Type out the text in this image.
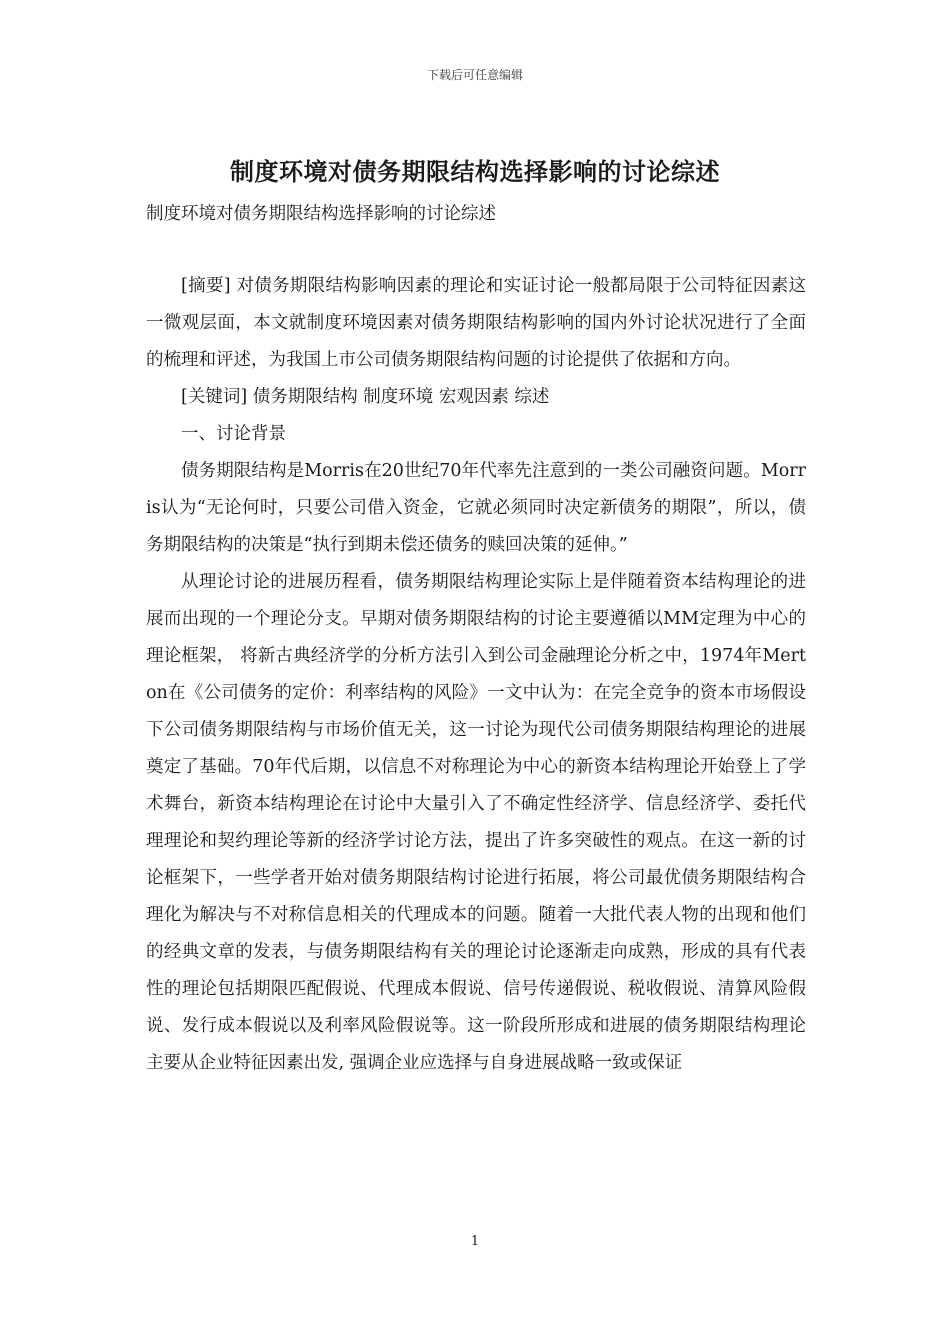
下载后可任意编辑
制度环境对债务期限结构选择影响的讨论综述

制度环境对债务期限结构选择影响的讨论综述

[摘要] 对债务期限结构影响因素的理论和实证讨论一般都局限于公司特征因素这一微观层面，本文就制度环境因素对债务期限结构影响的国内外讨论状况进行了全面的梳理和评述，为我国上市公司债务期限结构问题的讨论提供了依据和方向。

[关键词] 债务期限结构 制度环境 宏观因素 综述

一、讨论背景

债务期限结构是Morris在20世纪70年代率先注意到的一类公司融资问题。Morris认为“无论何时，只要公司借入资金，它就必须同时决定新债务的期限”，所以，债务期限结构的决策是“执行到期未偿还债务的赎回决策的延伸。”

从理论讨论的进展历程看，债务期限结构理论实际上是伴随着资本结构理论的进展而出现的一个理论分支。早期对债务期限结构的讨论主要遵循以MM定理为中心的理论框架， 将新古典经济学的分析方法引入到公司金融理论分析之中，1974年Merton在《公司债务的定价：利率结构的风险》一文中认为：在完全竞争的资本市场假设下公司债务期限结构与市场价值无关，这一讨论为现代公司债务期限结构理论的进展奠定了基础。70年代后期，以信息不对称理论为中心的新资本结构理论开始登上了学术舞台，新资本结构理论在讨论中大量引入了不确定性经济学、信息经济学、委托代理理论和契约理论等新的经济学讨论方法，提出了许多突破性的观点。在这一新的讨论框架下，一些学者开始对债务期限结构讨论进行拓展，将公司最优债务期限结构合理化为解决与不对称信息相关的代理成本的问题。随着一大批代表人物的出现和他们的经典文章的发表，与债务期限结构有关的理论讨论逐渐走向成熟，形成的具有代表性的理论包括期限匹配假说、代理成本假说、信号传递假说、税收假说、清算风险假说、发行成本假说以及利率风险假说等。这一阶段所形成和进展的债务期限结构理论主要从企业特征因素出发, 强调企业应选择与自身进展战略一致或保证

1
